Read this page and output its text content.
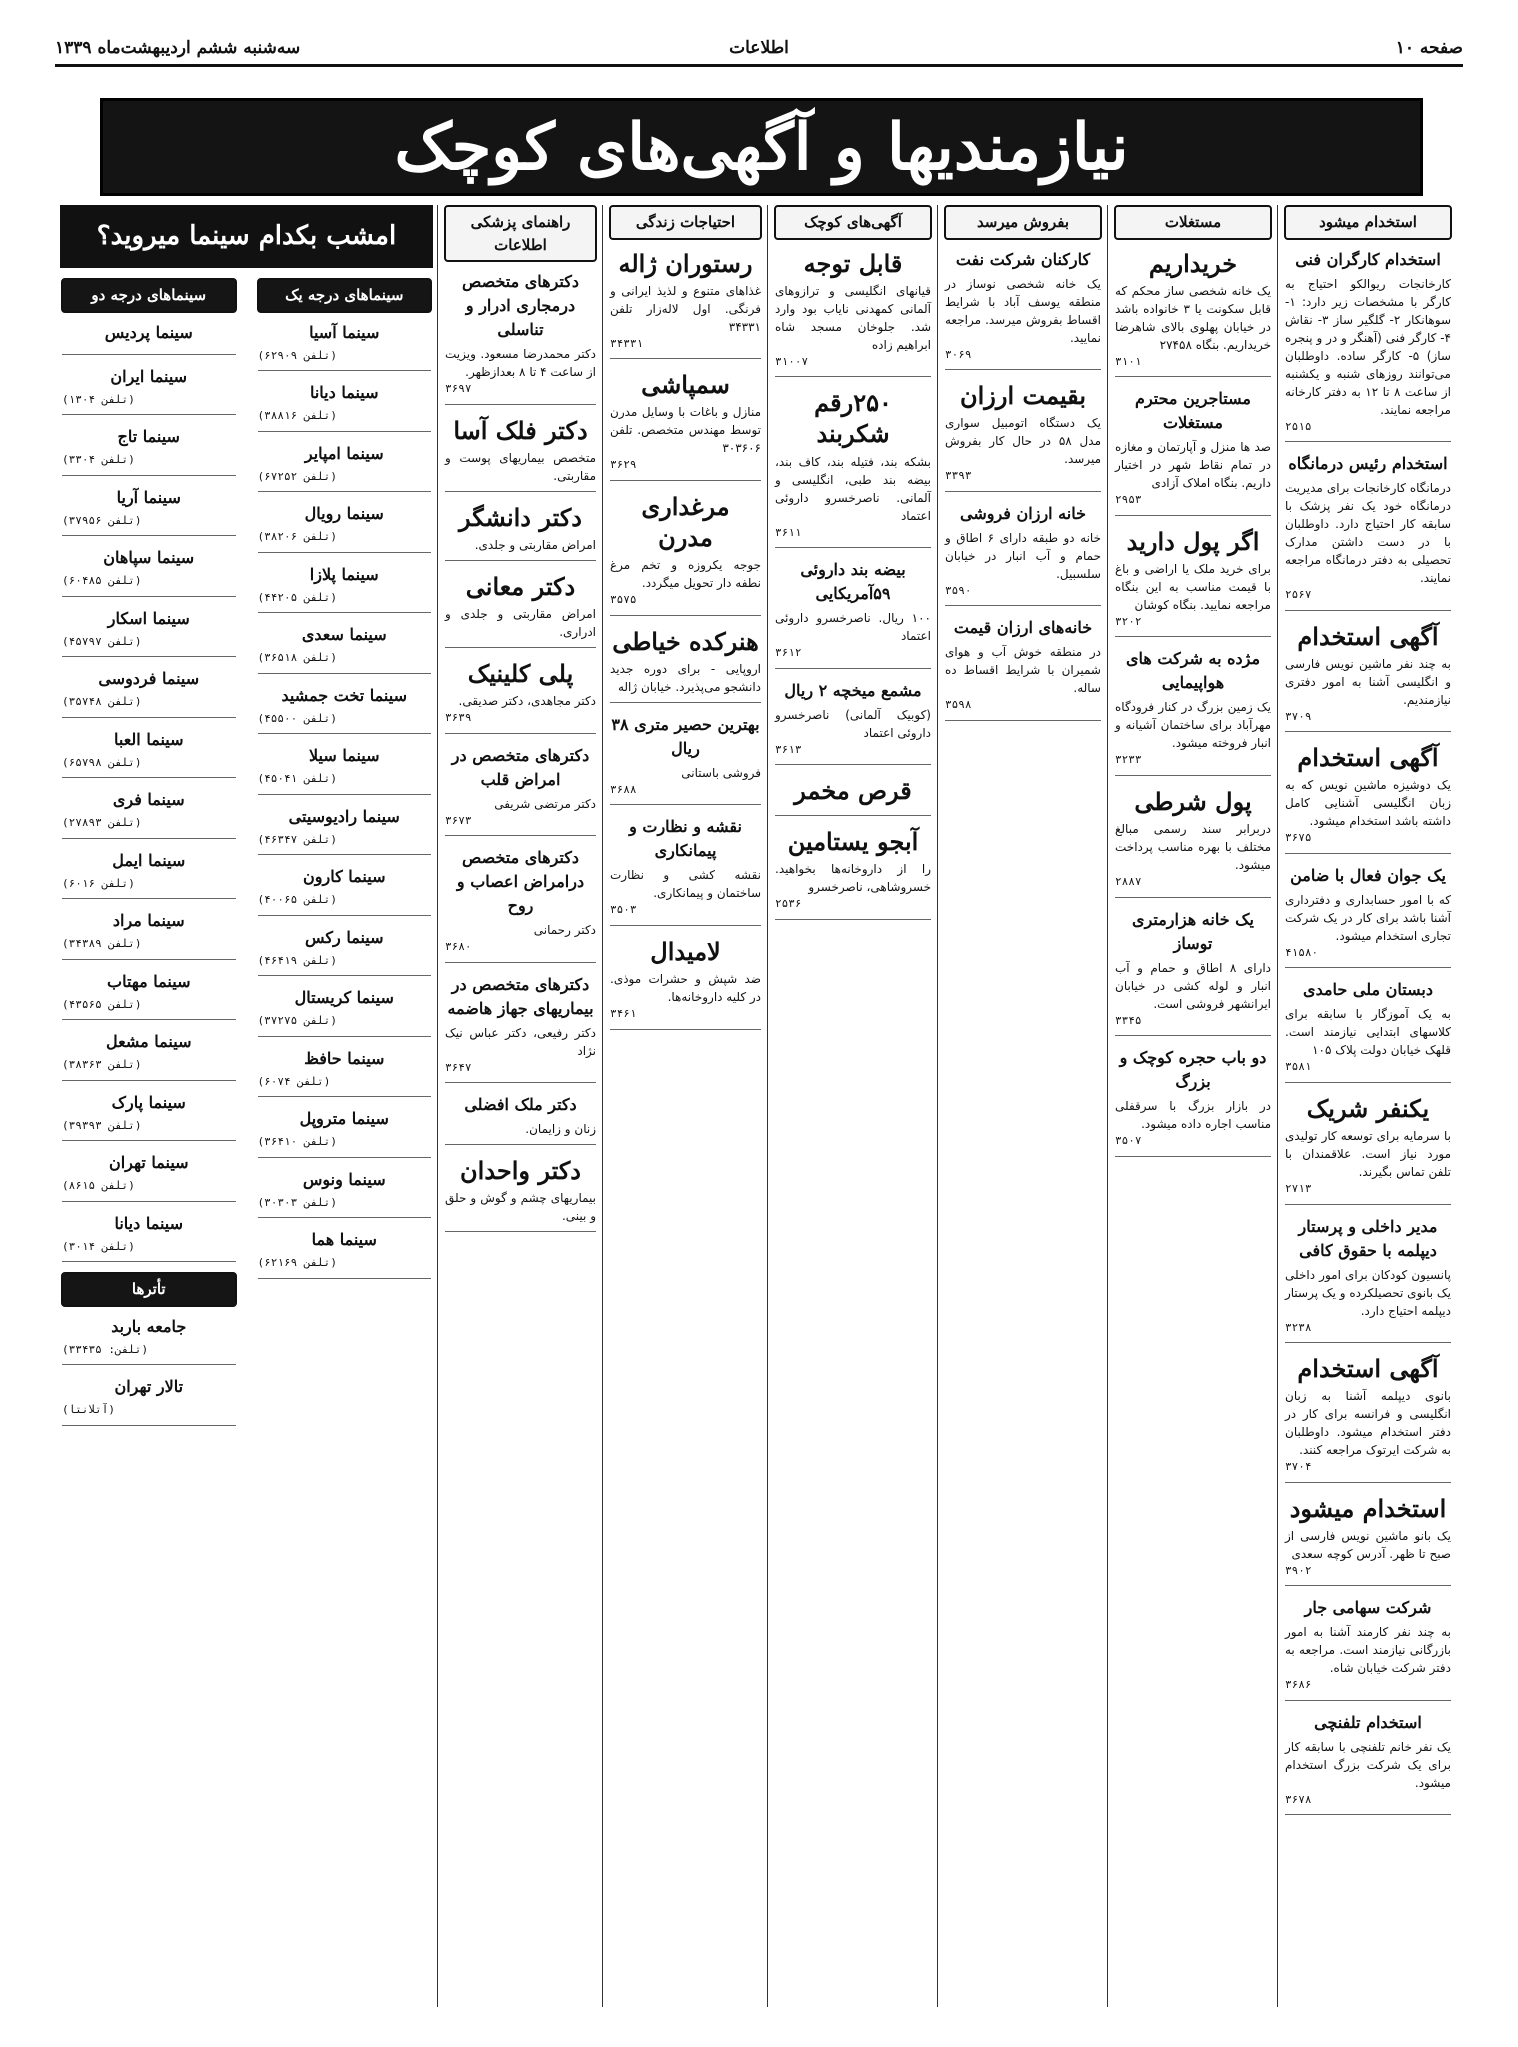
سه‌شنبه ششم اردیبهشت‌ماه ۱۳۳۹	اطلاعات	صفحه ۱۰
نیازمندیها و آگهی‌های کوچک
استخدام میشود
استخدام کارگران فنی
کارخانجات ریوالکو احتیاج به کارگر با مشخصات زیر دارد: ۱- سوهانکار ۲- گلگیر ساز ۳- نقاش ۴- کارگر فنی (آهنگر و در و پنجره ساز) ۵- کارگر ساده. داوطلبان می‌توانند روزهای شنبه و یکشنبه از ساعت ۸ تا ۱۲ به دفتر کارخانه مراجعه نمایند.
۲۵۱۵
استخدام رئیس درمانگاه
درمانگاه کارخانجات برای مدیریت درمانگاه خود یک نفر پزشک با سابقه کار احتیاج دارد. داوطلبان با در دست داشتن مدارک تحصیلی به دفتر درمانگاه مراجعه نمایند.
۲۵۶۷
آگهی استخدام
به چند نفر ماشین نویس فارسی و انگلیسی آشنا به امور دفتری نیازمندیم.
۳۷۰۹
آگهی استخدام
یک دوشیزه ماشین نویس که به زبان انگلیسی آشنایی کامل داشته باشد استخدام میشود.
۳۶۷۵
یک جوان فعال با ضامن
که با امور حسابداری و دفترداری آشنا باشد برای کار در یک شرکت تجاری استخدام میشود.
۴۱۵۸۰
دبستان ملی حامدی
به یک آموزگار با سابقه برای کلاسهای ابتدایی نیازمند است. قلهک خیابان دولت پلاک ۱۰۵
۳۵۸۱
یکنفر شریک
با سرمایه برای توسعه کار تولیدی مورد نیاز است. علاقمندان با تلفن تماس بگیرند.
۲۷۱۳
مدیر داخلی و پرستار دیپلمه با حقوق کافی
پانسیون کودکان برای امور داخلی یک بانوی تحصیلکرده و یک پرستار دیپلمه احتیاج دارد.
۳۲۳۸
آگهی استخدام
بانوی دیپلمه آشنا به زبان انگلیسی و فرانسه برای کار در دفتر استخدام میشود. داوطلبان به شرکت ایرتوک مراجعه کنند.
۳۷۰۴
استخدام میشود
یک بانو ماشین نویس فارسی از صبح تا ظهر. آدرس کوچه سعدی
۳۹۰۲
شرکت سهامی جار
به چند نفر کارمند آشنا به امور بازرگانی نیازمند است. مراجعه به دفتر شرکت خیابان شاه.
۳۶۸۶
استخدام تلفنچی
یک نفر خانم تلفنچی با سابقه کار برای یک شرکت بزرگ استخدام میشود.
۳۶۷۸
مستغلات
خریداریم
یک خانه شخصی ساز محکم که قابل سکونت یا ۳ خانواده باشد در خیابان پهلوی بالای شاهرضا خریداریم. بنگاه ۲۷۴۵۸
۳۱۰۱
مستاجرین محترم مستغلات
صد ها منزل و آپارتمان و مغازه در تمام نقاط شهر در اختیار داریم. بنگاه املاک آزادی
۲۹۵۳
اگر پول دارید
برای خرید ملک یا اراضی و باغ با قیمت مناسب به این بنگاه مراجعه نمایید. بنگاه کوشان
۳۲۰۲
مژده به شرکت های هواپیمایی
یک زمین بزرگ در کنار فرودگاه مهرآباد برای ساختمان آشیانه و انبار فروخته میشود.
۳۲۳۳
پول شرطی
دربرابر سند رسمی مبالغ مختلف با بهره مناسب پرداخت میشود.
۲۸۸۷
یک خانه هزارمتری توساز
دارای ۸ اطاق و حمام و آب انبار و لوله کشی در خیابان ایرانشهر فروشی است.
۳۳۴۵
دو باب حجره کوچک و بزرگ
در بازار بزرگ با سرقفلی مناسب اجاره داده میشود.
۳۵۰۷
بفروش میرسد
کارکنان شرکت نفت
یک خانه شخصی نوساز در منطقه یوسف آباد با شرایط اقساط بفروش میرسد. مراجعه نمایید.
۳۰۶۹
بقیمت ارزان
یک دستگاه اتومبیل سواری مدل ۵۸ در حال کار بفروش میرسد.
۳۳۹۳
خانه ارزان فروشی
خانه دو طبقه دارای ۶ اطاق و حمام و آب انبار در خیابان سلسبیل.
۳۵۹۰
خانه‌های ارزان قیمت
در منطقه خوش آب و هوای شمیران با شرایط اقساط ده ساله.
۳۵۹۸
آگهی‌های کوچک
قابل توجه
قیانهای انگلیسی و ترازوهای آلمانی کمهدنی نایاب بود وارد شد. جلوخان مسجد شاه ابراهیم زاده
۳۱۰۰۷
۲۵۰رقم شکربند
بشکه بند، فتیله بند، کاف بند، بیضه بند طبی، انگلیسی و آلمانی. ناصرخسرو داروئی اعتماد
۳۶۱۱
بیضه بند داروئی ۵۹آمریکایی
۱۰۰ ریال. ناصرخسرو داروئی اعتماد
۳۶۱۲
مشمع میخچه ۲ ریال
(کوبیک آلمانی) ناصرخسرو داروئی اعتماد
۳۶۱۳
قرص مخمر
آبجو یستامین
را از داروخانه‌ها بخواهید. خسروشاهی، ناصرخسرو
۲۵۳۶
احتیاجات زندگی
رستوران ژاله
غذاهای متنوع و لذیذ ایرانی و فرنگی. اول لاله‌زار تلفن ۳۴۳۳۱
۳۴۳۳۱
سمپاشی
منازل و باغات با وسایل مدرن توسط مهندس متخصص. تلفن ۳۰۳۶۰۶
۳۶۲۹
مرغداری مدرن
جوجه یکروزه و تخم مرغ نطفه دار تحویل میگردد.
۳۵۷۵
هنرکده خیاطی
اروپایی - برای دوره جدید دانشجو می‌پذیرد. خیابان ژاله
بهترین حصیر متری ۳۸ ریال
فروشی باستانی
۳۶۸۸
نقشه و نظارت و پیمانکاری
نقشه کشی و نظارت ساختمان و پیمانکاری.
۳۵۰۳
لامیدال
ضد شپش و حشرات موذی. در کلیه داروخانه‌ها.
۳۴۶۱
راهنمای پزشکی اطلاعات
دکترهای متخصص درمجاری ادرار و تناسلی
دکتر محمدرضا مسعود. ویزیت از ساعت ۴ تا ۸ بعدازظهر.
۳۶۹۷
دکتر فلک آسا
متخصص بیماریهای پوست و مقاربتی.
دکتر دانشگر
امراض مقاربتی و جلدی.
دکتر معانی
امراض مقاربتی و جلدی و ادراری.
پلی کلینیک
دکتر مجاهدی، دکتر صدیقی.
۳۶۳۹
دکترهای متخصص در امراض قلب
دکتر مرتضی شریفی
۳۶۷۳
دکترهای متخصص درامراض اعصاب و روح
دکتر رحمانی
۳۶۸۰
دکترهای متخصص در بیماریهای جهاز هاضمه
دکتر رفیعی، دکتر عباس نیک نژاد
۳۶۴۷
دکتر ملک افضلی
زنان و زایمان.
دکتر واحدان
بیماریهای چشم و گوش و حلق و بینی.
امشب بکدام سینما میروید؟
سینماهای درجه یک
سینما آسیا
(تلفن ۶۲۹۰۹)
سینما دیانا
(تلفن ۳۸۸۱۶)
سینما امپایر
(تلفن ۶۷۲۵۲)
سینما رویال
(تلفن ۳۸۲۰۶)
سینما پلازا
(تلفن ۴۴۲۰۵)
سینما سعدی
(تلفن ۳۶۵۱۸)
سینما تخت جمشید
(تلفن ۴۵۵۰۰)
سینما سیلا
(تلفن ۴۵۰۴۱)
سینما رادیوسیتی
(تلفن ۴۶۳۴۷)
سینما کارون
(تلفن ۴۰۰۶۵)
سینما رکس
(تلفن ۴۶۴۱۹)
سینما کریستال
(تلفن ۳۷۲۷۵)
سینما حافظ
(تلفن ۶۰۷۴)
سینما متروپل
(تلفن ۳۶۴۱۰)
سینما ونوس
(تلفن ۳۰۳۰۳)
سینما هما
(تلفن ۶۲۱۶۹)
سینماهای درجه دو
سینما پردیس
سینما ایران
(تلفن ۱۳۰۴)
سینما تاج
(تلفن ۳۳۰۴)
سینما آریا
(تلفن ۳۷۹۵۶)
سینما سپاهان
(تلفن ۶۰۴۸۵)
سینما اسکار
(تلفن ۴۵۷۹۷)
سینما فردوسی
(تلفن ۳۵۷۴۸)
سینما العبا
(تلفن ۶۵۷۹۸)
سینما فری
(تلفن ۲۷۸۹۳)
سینما ایمل
(تلفن ۶۰۱۶)
سینما مراد
(تلفن ۳۴۳۸۹)
سینما مهتاب
(تلفن ۴۳۵۶۵)
سینما مشعل
(تلفن ۳۸۳۶۳)
سینما پارک
(تلفن ۳۹۳۹۳)
سینما تهران
(تلفن ۸۶۱۵)
سینما دیانا
(تلفن ۳۰۱۴)
تأترها
جامعه باربد
(تلفن: ۳۳۴۳۵)
تالار تهران
(آتلانتا)
